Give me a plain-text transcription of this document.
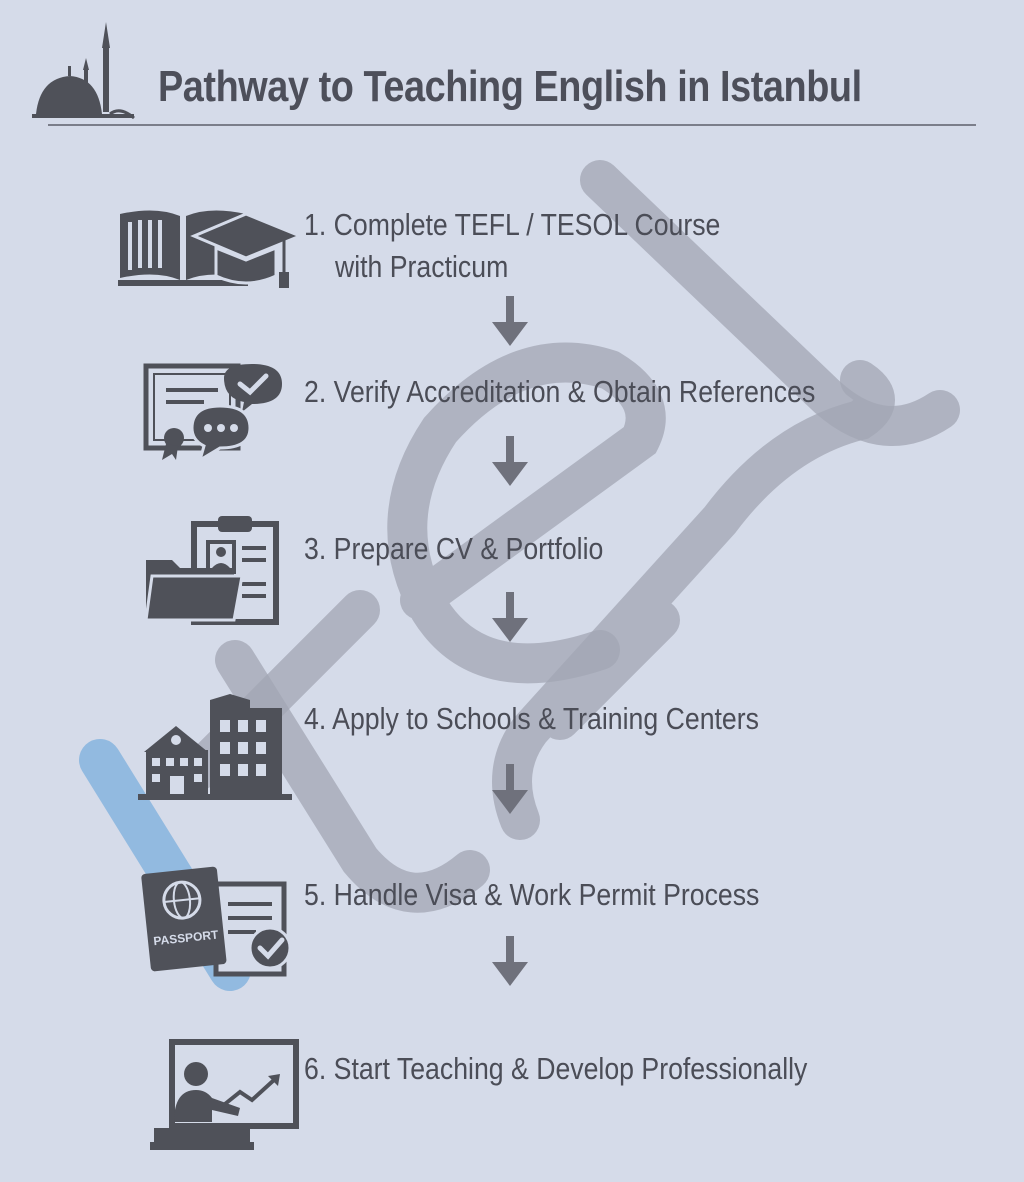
Pathway to Teaching English in Istanbul
1. Complete TEFL / TESOL Course
with Practicum
2. Verify Accreditation & Obtain References
3. Prepare CV & Portfolio
4. Apply to Schools & Training Centers
PASSPORT
5. Handle Visa & Work Permit Process
6. Start Teaching & Develop Professionally
